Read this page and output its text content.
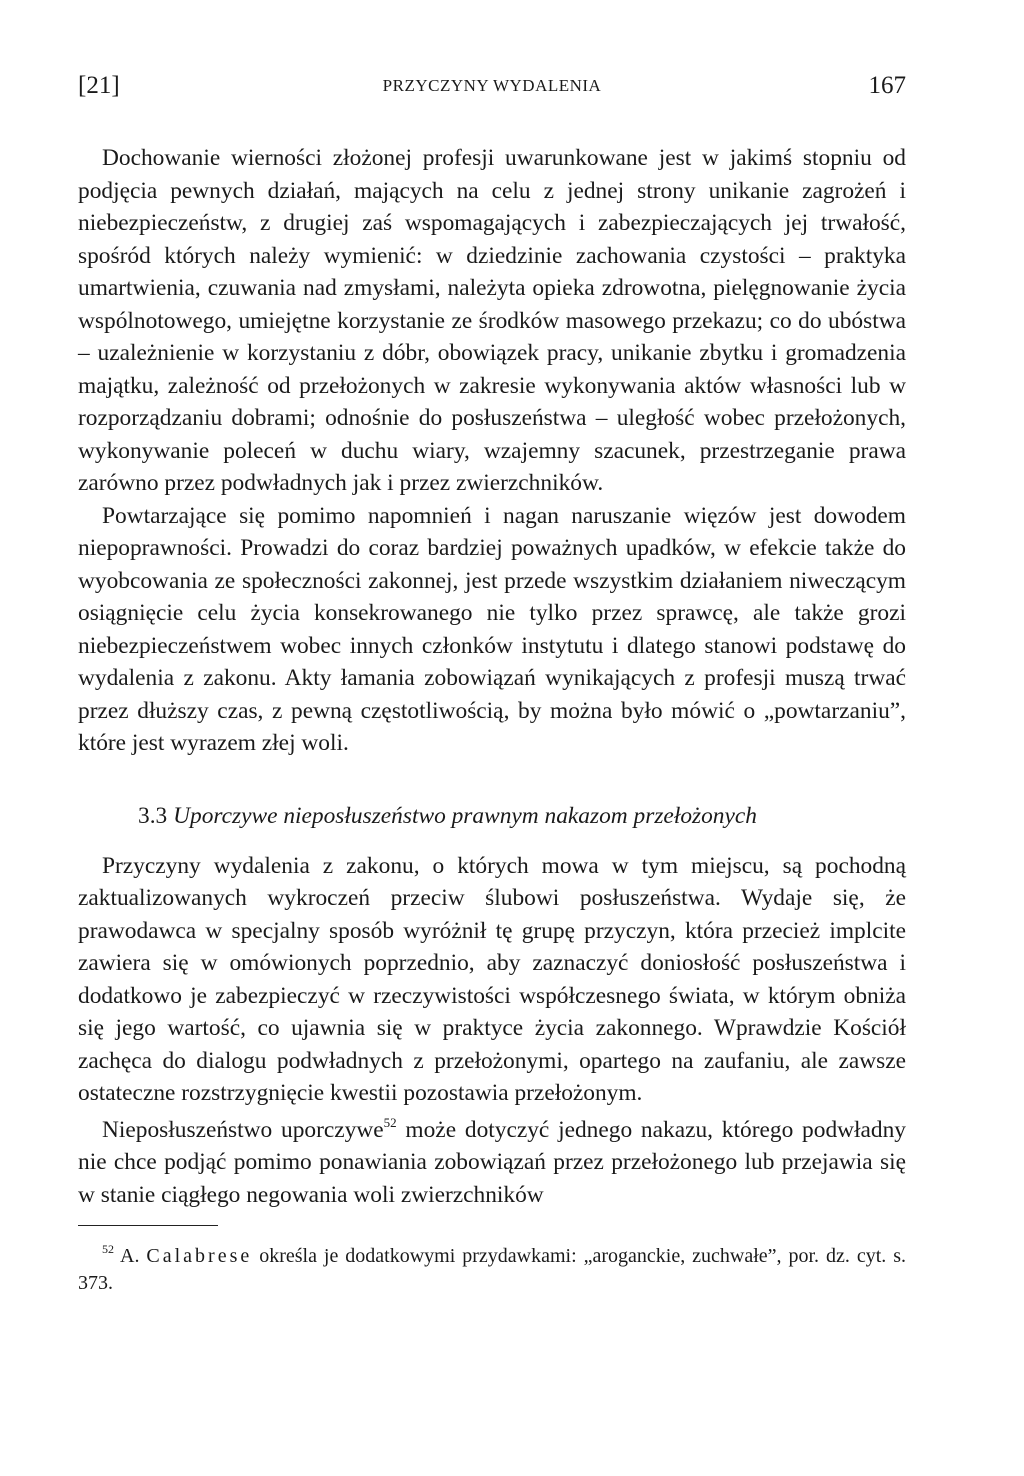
[21]	PRZYCZYNY WYDALENIA	167

Dochowanie wierności złożonej profesji uwarunkowane jest w jakimś stopniu od podjęcia pewnych działań, mających na celu z jednej strony unikanie zagrożeń i niebezpieczeństw, z drugiej zaś wspomagających i zabezpieczających jej trwałość, spośród których należy wymienić: w dziedzinie zachowania czystości – praktyka umartwienia, czuwania nad zmysłami, należyta opieka zdrowotna, pielęgnowanie życia wspólnotowego, umiejętne korzystanie ze środków masowego przekazu; co do ubóstwa – uzależnienie w korzystaniu z dóbr, obowiązek pracy, unikanie zbytku i gromadzenia majątku, zależność od przełożonych w zakresie wykonywania aktów własności lub w rozporządzaniu dobrami; odnośnie do posłuszeństwa – uległość wobec przełożonych, wykonywanie poleceń w duchu wiary, wzajemny szacunek, przestrzeganie prawa zarówno przez podwładnych jak i przez zwierzchników.

Powtarzające się pomimo napomnień i nagan naruszanie więzów jest dowodem niepoprawności. Prowadzi do coraz bardziej poważnych upadków, w efekcie także do wyobcowania ze społeczności zakonnej, jest przede wszystkim działaniem niweczącym osiągnięcie celu życia konsekrowanego nie tylko przez sprawcę, ale także grozi niebezpieczeństwem wobec innych członków instytutu i dlatego stanowi podstawę do wydalenia z zakonu. Akty łamania zobowiązań wynikających z profesji muszą trwać przez dłuższy czas, z pewną częstotliwością, by można było mówić o „powtarzaniu”, które jest wyrazem złej woli.

3.3 Uporczywe nieposłuszeństwo prawnym nakazom przełożonych

Przyczyny wydalenia z zakonu, o których mowa w tym miejscu, są pochodną zaktualizowanych wykroczeń przeciw ślubowi posłuszeństwa. Wydaje się, że prawodawca w specjalny sposób wyróżnił tę grupę przyczyn, która przecież implcite zawiera się w omówionych poprzednio, aby zaznaczyć doniosłość posłuszeństwa i dodatkowo je zabezpieczyć w rzeczywistości współczesnego świata, w którym obniża się jego wartość, co ujawnia się w praktyce życia zakonnego. Wprawdzie Kościół zachęca do dialogu podwładnych z przełożonymi, opartego na zaufaniu, ale zawsze ostateczne rozstrzygnięcie kwestii pozostawia przełożonym.

Nieposłuszeństwo uporczywe$^{52}$ może dotyczyć jednego nakazu, którego podwładny nie chce podjąć pomimo ponawiania zobowiązań przez przełożonego lub przejawia się w stanie ciągłego negowania woli zwierzchników

$^{52}$ A. Calabrese określa je dodatkowymi przydawkami: „aroganckie, zuchwałe”, por. dz. cyt. s. 373.
